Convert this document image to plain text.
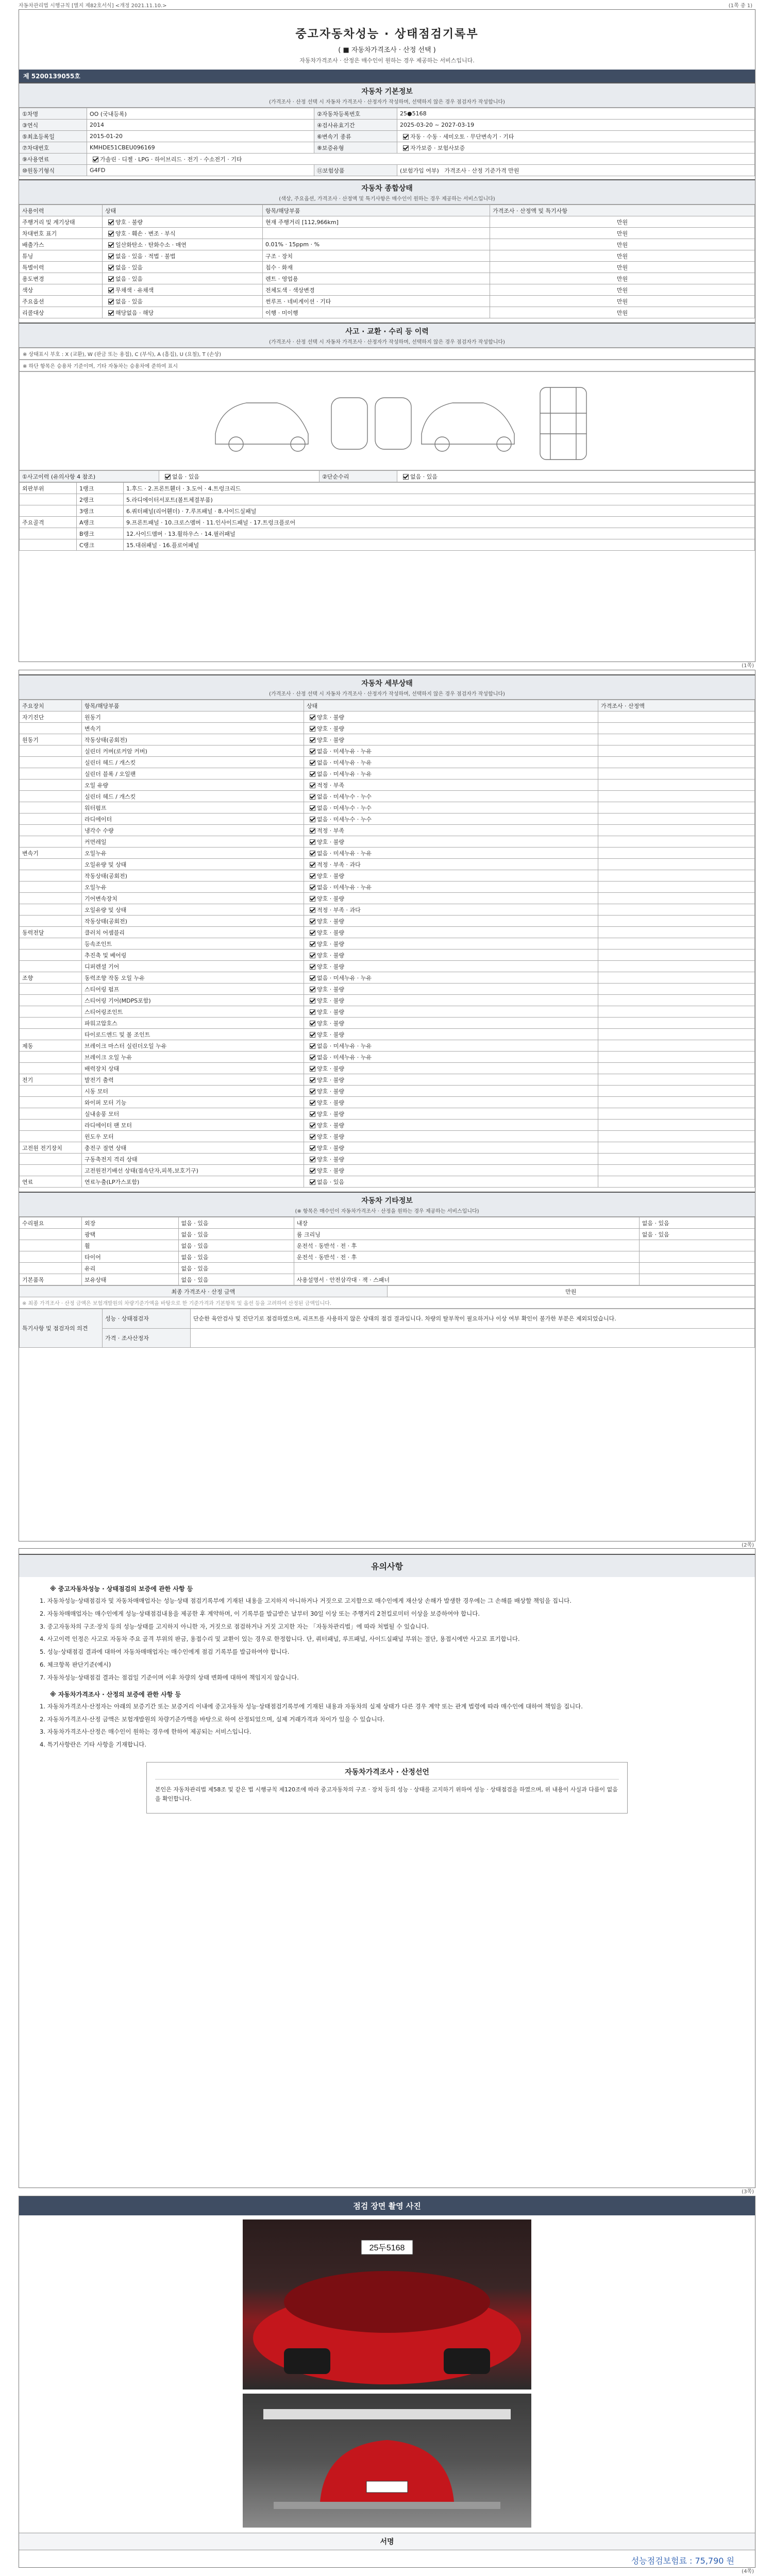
자동차관리법 시행규칙 [별지 제82호서식] <개정 2021.11.10.>	(1쪽 중 1)
중고자동차성능 · 상태점검기록부
( ■ 자동차가격조사 · 산정 선택 )
자동차가격조사 · 산정은 매수인이 원하는 경우 제공하는 서비스입니다.
제 5200139055호
자동차 기본정보
(가격조사 · 산정 선택 시 자동차 가격조사 · 산정자가 작성하며, 선택하지 않은 경우 점검자가 작성합니다)
①차명	OO (국내등록)	②자동차등록번호	25●5168
③연식	2014	④검사유효기간	2025-03-20 ~ 2027-03-19
⑤최초등록일	2015-01-20	⑥변속기 종류	자동 · 수동 · 세미오토 · 무단변속기 · 기타
⑦차대번호	KMHDE51CBEU096169	⑧보증유형	자가보증 · 보험사보증
⑨사용연료	가솔린 · 디젤 · LPG · 하이브리드 · 전기 · 수소전기 · 기타		
⑩원동기형식	G4FD	⑪보험상품	(보험가입 여부) 가격조사 · 산정 기준가격 만원
자동차 종합상태
(색상, 주요옵션, 가격조사 · 산정액 및 특기사항은 매수인이 원하는 경우 제공하는 서비스입니다)
사용이력	상태	항목/해당부품	가격조사 · 산정액 및 특기사항
주행거리 및 계기상태	양호 · 불량	현재 주행거리 [112,966km]	만원
차대번호 표기	양호 · 훼손 · 변조 · 부식		만원
배출가스	일산화탄소 · 탄화수소 · 매연	0.01% · 15ppm · %	만원
튜닝	없음 · 있음 · 적법 · 불법	구조 · 장치	만원
특별이력	없음 · 있음	침수 · 화재	만원
용도변경	없음 · 있음	렌트 · 영업용	만원
색상	무채색 · 유채색	전체도색 · 색상변경	만원
주요옵션	없음 · 있음	썬루프 · 네비게이션 · 기타	만원
리콜대상	해당없음 · 해당	이행 · 미이행	만원
사고 · 교환 · 수리 등 이력
(가격조사 · 산정 선택 시 자동차 가격조사 · 산정자가 작성하며, 선택하지 않은 경우 점검자가 작성합니다)
※ 상태표시 부호 : X (교환), W (판금 또는 용접), C (부식), A (흠집), U (요철), T (손상)
※ 하단 항목은 승용차 기준이며, 기타 자동차는 승용차에 준하여 표시
①사고이력 (유의사항 4 참조)	없음 · 있음	②단순수리	없음 · 있음
외판부위	1랭크	1.후드 · 2.프론트휀더 · 3.도어 · 4.트렁크리드
	2랭크	5.라디에이터서포트(볼트체결부품)
	3랭크	6.쿼터패널(리어휀더) · 7.루프패널 · 8.사이드실패널
주요골격	A랭크	9.프론트패널 · 10.크로스멤버 · 11.인사이드패널 · 17.트렁크플로어
	B랭크	12.사이드멤버 · 13.휠하우스 · 14.필러패널
	C랭크	15.대쉬패널 · 16.플로어패널
(1쪽)
자동차 세부상태
(가격조사 · 산정 선택 시 자동차 가격조사 · 산정자가 작성하며, 선택하지 않은 경우 점검자가 작성합니다)
주요장치	항목/해당부품	상태	가격조사 · 산정액
자기진단	원동기	양호 · 불량	
	변속기	양호 · 불량	
원동기	작동상태(공회전)	양호 · 불량	
	실린더 커버(로커암 커버)	없음 · 미세누유 · 누유	
	실린더 헤드 / 개스킷	없음 · 미세누유 · 누유	
	실린더 블록 / 오일팬	없음 · 미세누유 · 누유	
	오일 유량	적정 · 부족	
	실린더 헤드 / 개스킷	없음 · 미세누수 · 누수	
	워터펌프	없음 · 미세누수 · 누수	
	라디에이터	없음 · 미세누수 · 누수	
	냉각수 수량	적정 · 부족	
	커먼레일	양호 · 불량	
변속기	오일누유	없음 · 미세누유 · 누유	
	오일유량 및 상태	적정 · 부족 · 과다	
	작동상태(공회전)	양호 · 불량	
	오일누유	없음 · 미세누유 · 누유	
	기어변속장치	양호 · 불량	
	오일유량 및 상태	적정 · 부족 · 과다	
	작동상태(공회전)	양호 · 불량	
동력전달	클러치 어셈블리	양호 · 불량	
	등속조인트	양호 · 불량	
	추진축 및 베어링	양호 · 불량	
	디퍼렌셜 기어	양호 · 불량	
조향	동력조향 작동 오일 누유	없음 · 미세누유 · 누유	
	스티어링 펌프	양호 · 불량	
	스티어링 기어(MDPS포함)	양호 · 불량	
	스티어링조인트	양호 · 불량	
	파워고압호스	양호 · 불량	
	타이로드엔드 및 볼 조인트	양호 · 불량	
제동	브레이크 마스터 실린더오일 누유	없음 · 미세누유 · 누유	
	브레이크 오일 누유	없음 · 미세누유 · 누유	
	배력장치 상태	양호 · 불량	
전기	발전기 출력	양호 · 불량	
	시동 모터	양호 · 불량	
	와이퍼 모터 기능	양호 · 불량	
	실내송풍 모터	양호 · 불량	
	라디에이터 팬 모터	양호 · 불량	
	윈도우 모터	양호 · 불량	
고전원 전기장치	충전구 절연 상태	양호 · 불량	
	구동축전지 격리 상태	양호 · 불량	
	고전원전기배선 상태(접속단자,피복,보호기구)	양호 · 불량	
연료	연료누출(LP가스포함)	없음 · 있음	
자동차 기타정보
(※ 항목은 매수인이 자동차가격조사 · 산정을 원하는 경우 제공하는 서비스입니다)
수리필요	외장	없음 · 있음	내장	없음 · 있음
	광택	없음 · 있음	룸 크리닝	없음 · 있음
	휠	없음 · 있음	운전석 · 동반석 · 전 · 후	
	타이어	없음 · 있음	운전석 · 동반석 · 전 · 후	
	유리	없음 · 있음		
기본품목	보유상태	없음 · 있음	사용설명서 · 안전삼각대 · 잭 · 스패너	
최종 가격조사 · 산정 금액	만원
※ 최종 가격조사 · 산정 금액은 보험개발원의 차량기준가액을 바탕으로 한 기준가격과 기본항목 및 옵션 등을 고려하여 산정된 금액입니다.
특기사항 및 점검자의 의견	성능 · 상태점검자	단순한 육안검사 및 진단기로 점검하였으며, 리프트를 사용하지 않은 상태의 점검 결과입니다. 차량의 탈부착이 필요하거나 이상 여부 확인이 불가한 부분은 제외되었습니다.
	가격 · 조사산정자	
(2쪽)
유의사항
※ 중고자동차성능 · 상태점검의 보증에 관한 사항 등

1. 자동차성능·상태점검자 및 자동차매매업자는 성능·상태 점검기록부에 기재된 내용을 고지하지 아니하거나 거짓으로 고지함으로 매수인에게 재산상 손해가 발생한 경우에는 그 손해를 배상할 책임을 집니다.

2. 자동차매매업자는 매수인에게 성능·상태점검내용을 제공한 후 계약하며, 이 기록부를 발급받은 날부터 30일 이상 또는 주행거리 2천킬로미터 이상을 보증하여야 합니다.

3. 중고자동차의 구조·장치 등의 성능·상태를 고지하지 아니한 자, 거짓으로 점검하거나 거짓 고지한 자는 「자동차관리법」에 따라 처벌될 수 있습니다.

4. 사고이력 인정은 사고로 자동차 주요 골격 부위의 판금, 용접수리 및 교환이 있는 경우로 한정합니다. 단, 쿼터패널, 루프패널, 사이드실패널 부위는 절단, 용접시에만 사고로 표기합니다.

5. 성능·상태점검 결과에 대하여 자동차매매업자는 매수인에게 점검 기록부를 발급하여야 합니다.

6. 체크항목 판단기준(예시)

7. 자동차성능·상태점검 결과는 점검일 기준이며 이후 차량의 상태 변화에 대하여 책임지지 않습니다.

※ 자동차가격조사 · 산정의 보증에 관한 사항 등

1. 자동차가격조사·산정자는 아래의 보증기간 또는 보증거리 이내에 중고자동차 성능·상태점검기록부에 기재된 내용과 자동차의 실제 상태가 다른 경우 계약 또는 관계 법령에 따라 매수인에 대하여 책임을 집니다.

2. 자동차가격조사·산정 금액은 보험개발원의 차량기준가액을 바탕으로 하여 산정되었으며, 실제 거래가격과 차이가 있을 수 있습니다.

3. 자동차가격조사·산정은 매수인이 원하는 경우에 한하여 제공되는 서비스입니다.

4. 특기사항란은 기타 사항을 기재합니다.

자동차가격조사 · 산정선언

본인은 자동차관리법 제58조 및 같은 법 시행규칙 제120조에 따라 중고자동차의 구조 · 장치 등의 성능 · 상태를 고지하기 위하여 성능 · 상태점검을 하였으며, 위 내용이 사실과 다름이 없음을 확인합니다.

(3쪽)
점검 장면 촬영 사진
25두5168
서명
성능점검보험료 : 75,790 원
(4쪽)
